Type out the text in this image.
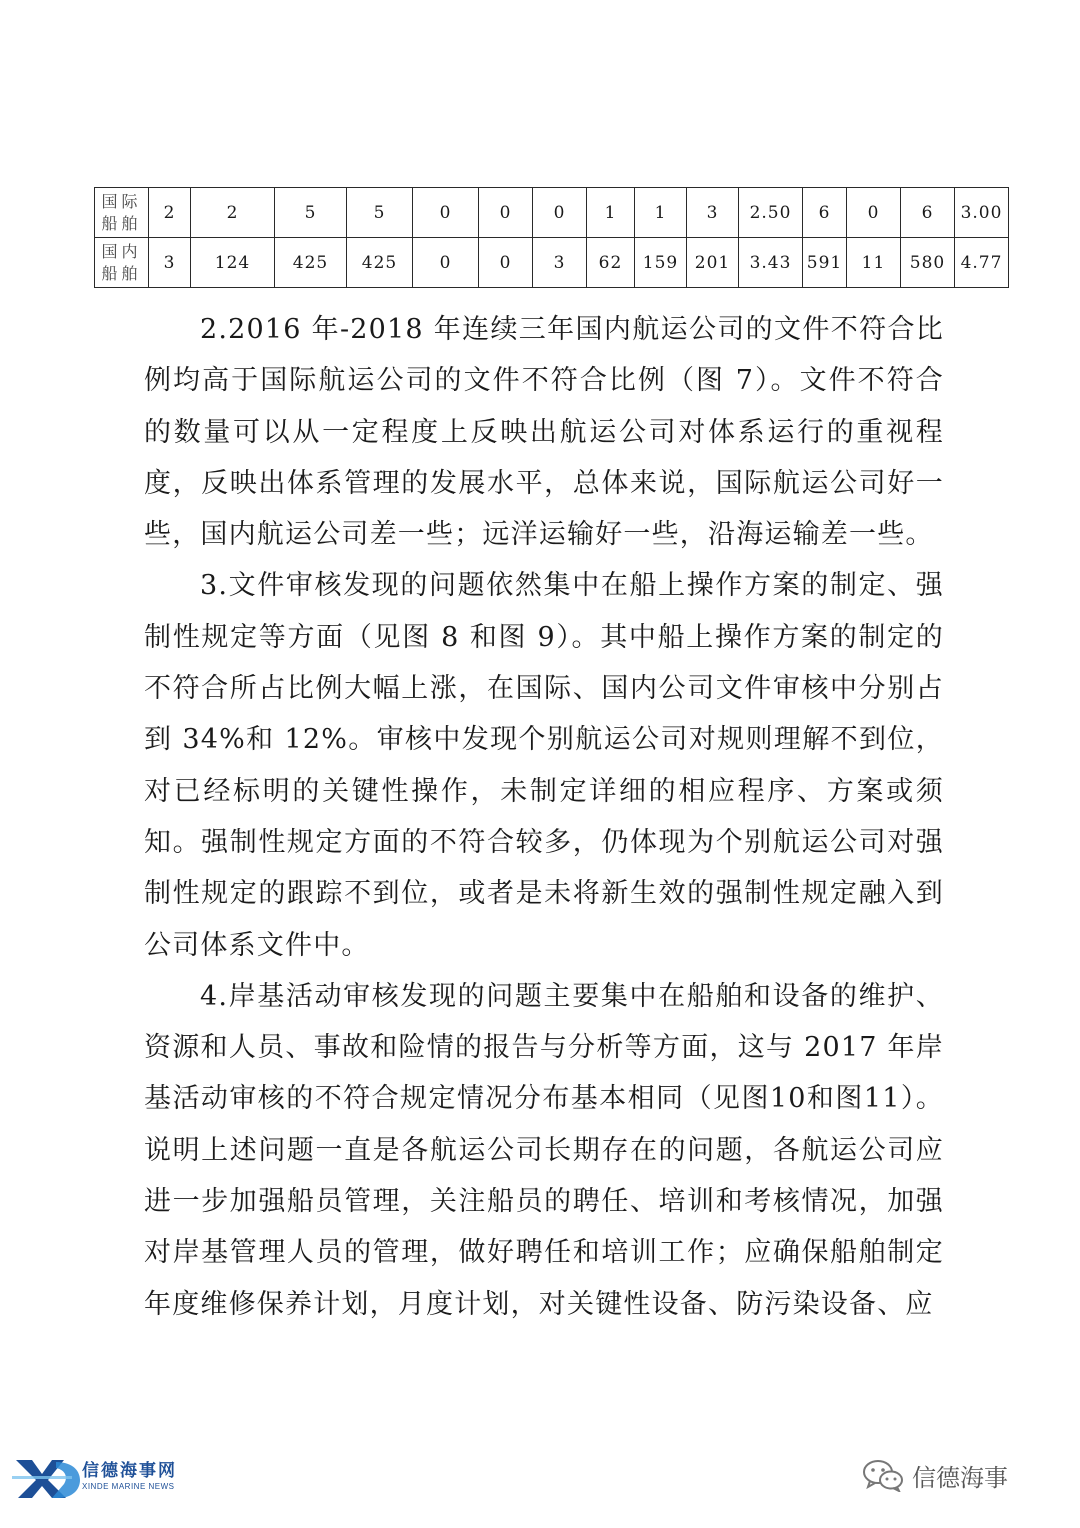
国际
船舶	2	2	5	5	0	0	0	1	1	3	2.50	6	0	6	3.00
国内
船舶	3	124	425	425	0	0	3	62	159	201	3.43	591	11	580	4.77

2.2016 年-2018 年连续三年国内航运公司的文件不符合比例均高于国际航运公司的文件不符合比例（图 7）。文件不符合的数量可以从一定程度上反映出航运公司对体系运行的重视程度，反映出体系管理的发展水平，总体来说，国际航运公司好一些，国内航运公司差一些；远洋运输好一些，沿海运输差一些。

3.文件审核发现的问题依然集中在船上操作方案的制定、强制性规定等方面（见图 8 和图 9）。其中船上操作方案的制定的不符合所占比例大幅上涨，在国际、国内公司文件审核中分别占到 34%和 12%。审核中发现个别航运公司对规则理解不到位，对已经标明的关键性操作，未制定详细的相应程序、方案或须知。强制性规定方面的不符合较多，仍体现为个别航运公司对强制性规定的跟踪不到位，或者是未将新生效的强制性规定融入到公司体系文件中。

4.岸基活动审核发现的问题主要集中在船舶和设备的维护、资源和人员、事故和险情的报告与分析等方面，这与 2017 年岸基活动审核的不符合规定情况分布基本相同（见图10和图11）。说明上述问题一直是各航运公司长期存在的问题，各航运公司应进一步加强船员管理，关注船员的聘任、培训和考核情况，加强对岸基管理人员的管理，做好聘任和培训工作；应确保船舶制定年度维修保养计划，月度计划，对关键性设备、防污染设备、应

信德海事网
XINDE MARINE NEWS	信德海事
